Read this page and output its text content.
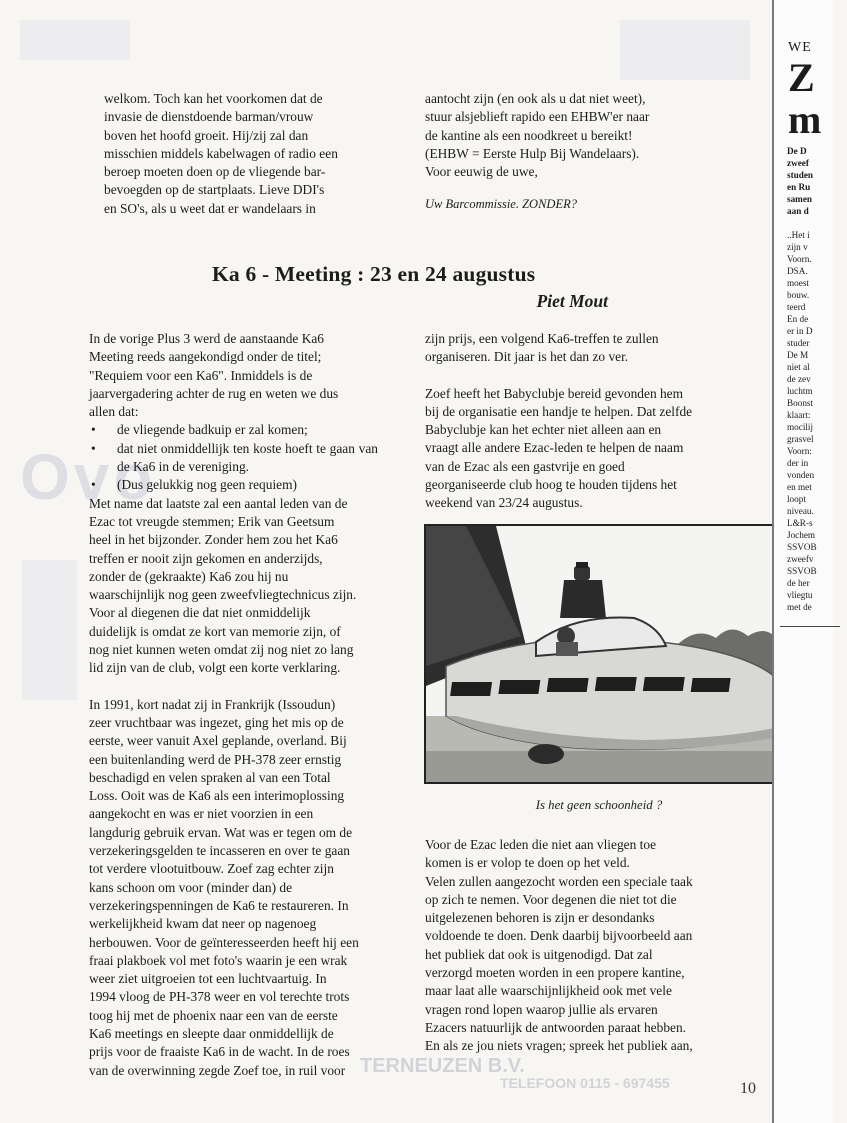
Ovo
TERNEUZEN B.V.
TELEFOON 0115 - 697455

welkom. Toch kan het voorkomen dat de

invasie de dienstdoende barman/vrouw

boven het hoofd groeit. Hij/zij zal dan

misschien middels kabelwagen of radio een

beroep moeten doen op de vliegende bar-

bevoegden op de startplaats. Lieve DDI's

en SO's, als u weet dat er wandelaars in

aantocht zijn (en ook als u dat niet weet),

stuur alsjeblieft rapido een EHBW'er naar

de kantine als een noodkreet u bereikt!

(EHBW = Eerste Hulp Bij Wandelaars).

Voor eeuwig de uwe,

Uw Barcommissie. ZONDER?

Ka 6 - Meeting : 23 en 24 augustus
Piet Mout

In de vorige Plus 3 werd de aanstaande Ka6

Meeting reeds aangekondigd onder de titel;

"Requiem voor een Ka6". Inmiddels is de

jaarvergadering achter de rug en weten we dus

allen dat:

• de vliegende badkuip er zal komen;
• dat niet onmiddellijk ten koste hoeft te gaan van de Ka6 in de vereniging.
• (Dus gelukkig nog geen requiem)

Met name dat laatste zal een aantal leden van de

Ezac tot vreugde stemmen; Erik van Geetsum

heel in het bijzonder. Zonder hem zou het Ka6

treffen er nooit zijn gekomen en anderzijds,

zonder de (gekraakte) Ka6 zou hij nu

waarschijnlijk nog geen zweefvliegtechnicus zijn.

Voor al diegenen die dat niet onmiddelijk

duidelijk is omdat ze kort van memorie zijn, of

nog niet kunnen weten omdat zij nog niet zo lang

lid zijn van de club, volgt een korte verklaring.

In 1991, kort nadat zij in Frankrijk (Issoudun)

zeer vruchtbaar was ingezet, ging het mis op de

eerste, weer vanuit Axel geplande, overland. Bij

een buitenlanding werd de PH-378 zeer ernstig

beschadigd en velen spraken al van een Total

Loss. Ooit was de Ka6 als een interimoplossing

aangekocht en was er niet voorzien in een

langdurig gebruik ervan. Wat was er tegen om de

verzekeringsgelden te incasseren en over te gaan

tot verdere vlootuitbouw. Zoef zag echter zijn

kans schoon om voor (minder dan) de

verzekeringspenningen de Ka6 te restaureren. In

werkelijkheid kwam dat neer op nagenoeg

herbouwen. Voor de geïnteresseerden heeft hij een

fraai plakboek vol met foto's waarin je een wrak

weer ziet uitgroeien tot een luchtvaartuig. In

1994 vloog de PH-378 weer en vol terechte trots

toog hij met de phoenix naar een van de eerste

Ka6 meetings en sleepte daar onmiddellijk de

prijs voor de fraaiste Ka6 in de wacht. In de roes

van de overwinning zegde Zoef toe, in ruil voor

zijn prijs, een volgend Ka6-treffen te zullen

organiseren. Dit jaar is het dan zo ver.

Zoef heeft het Babyclubje bereid gevonden hem

bij de organisatie een handje te helpen. Dat zelfde

Babyclubje kan het echter niet alleen aan en

vraagt alle andere Ezac-leden te helpen de naam

van de Ezac als een gastvrije en goed

georganiseerde club hoog te houden tijdens het

weekend van 23/24 augustus.

Is het geen schoonheid ?

Voor de Ezac leden die niet aan vliegen toe

komen is er volop te doen op het veld.

Velen zullen aangezocht worden een speciale taak

op zich te nemen. Voor degenen die niet tot die

uitgelezenen behoren is zijn er desondanks

voldoende te doen. Denk daarbij bijvoorbeeld aan

het publiek dat ook is uitgenodigd. Dat zal

verzorgd moeten worden in een propere kantine,

maar laat alle waarschijnlijkheid ook met vele

vragen rond lopen waarop jullie als ervaren

Ezacers natuurlijk de antwoorden paraat hebben.

En als ze jou niets vragen; spreek het publiek aan,

10
WE
Z
m
De D
zweef
studen
en Ru
samen
aan d
..Het i
zijn v
Voorn.
DSA.
moest
bouw.
teerd
En de
er in D
studer
De M
niet al
de zev
luchtm
Boonst
klaart:
mocilij
grasvel
Voorn:
der in
vonden
en met
loopt
niveau.
L&R-s
Jochem
SSVOB
zweefv
SSVOB
de her
vliegtu
met de
